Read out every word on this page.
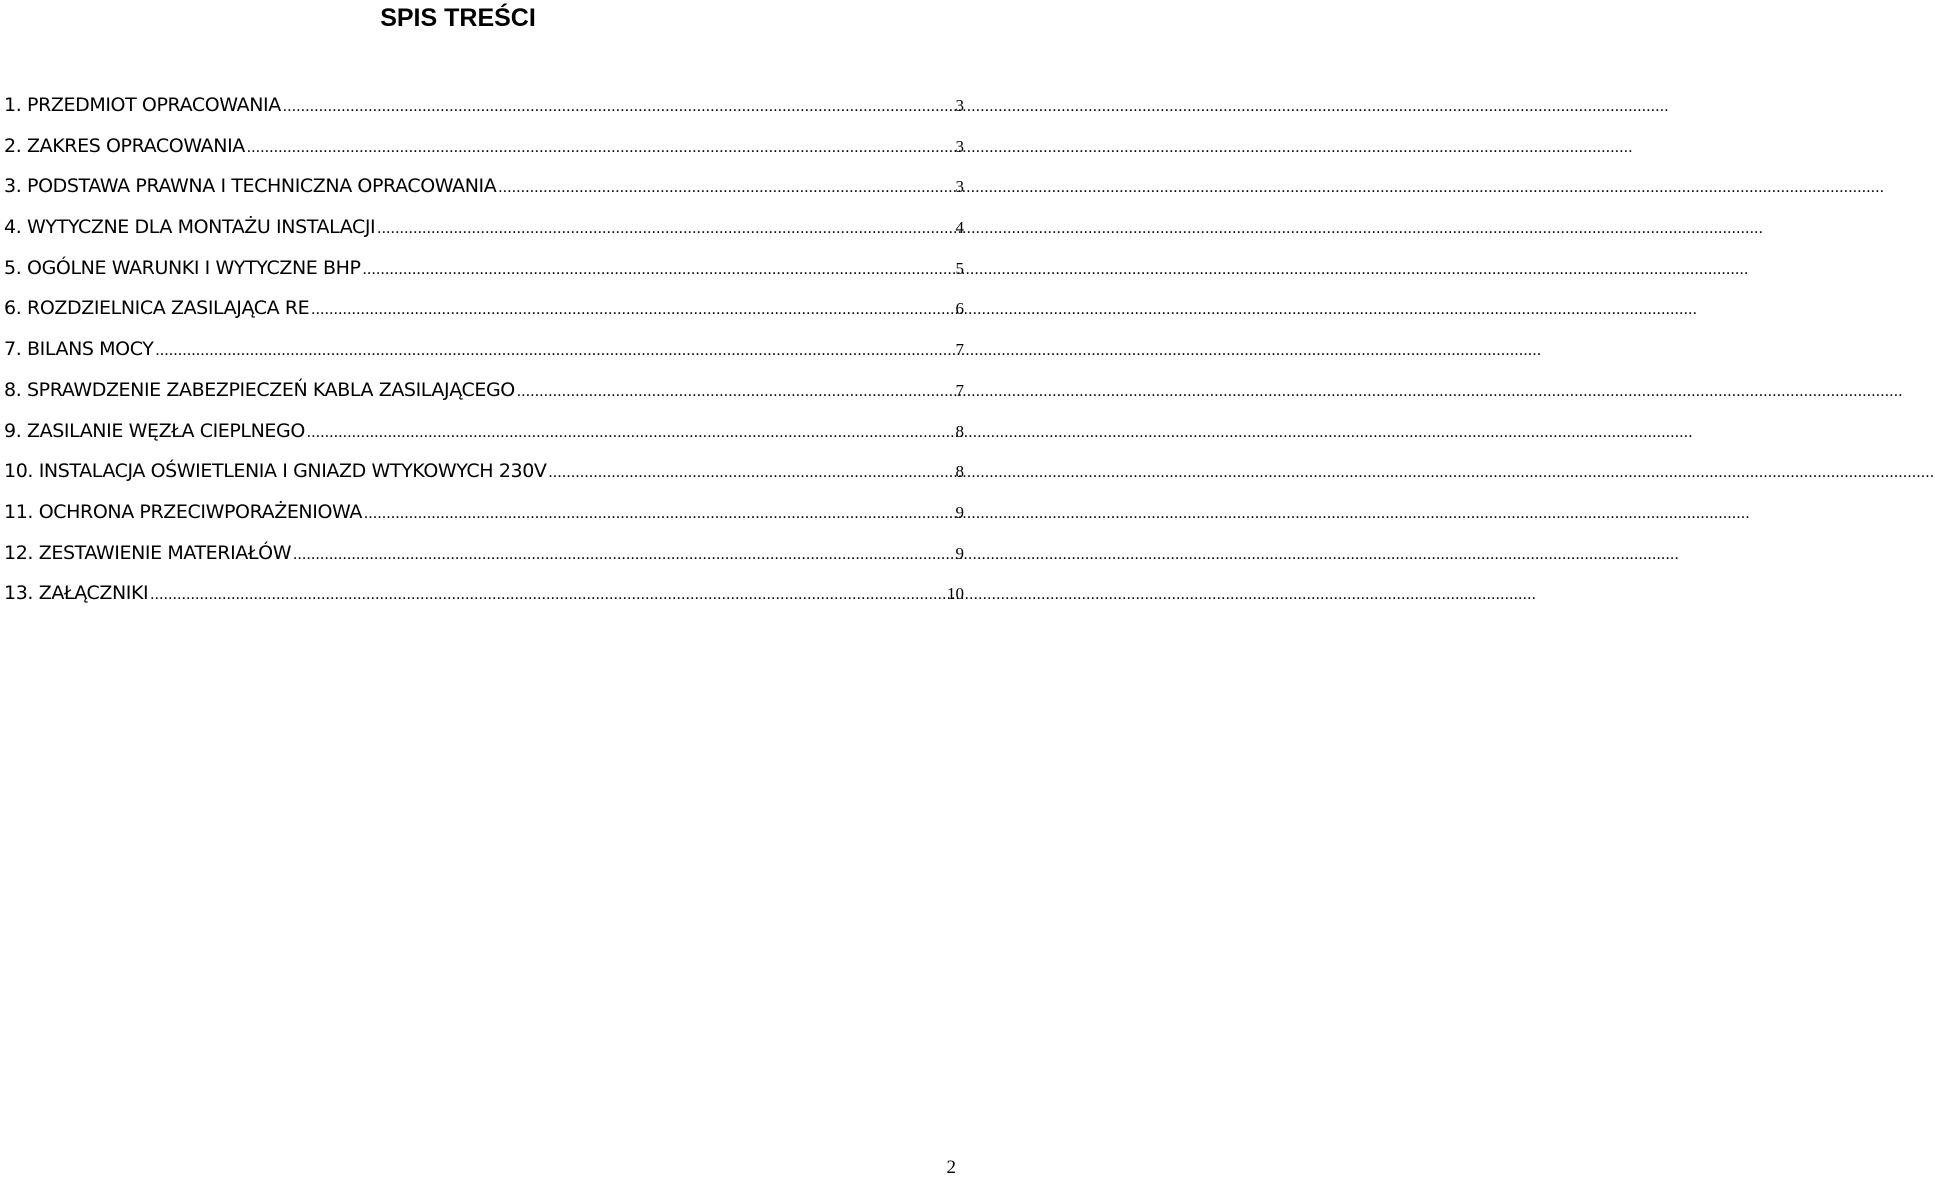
SPIS TREŚCI
1. PRZEDMIOT OPRACOWANIA .....	3
2. ZAKRES OPRACOWANIA .....	3
3. PODSTAWA PRAWNA I TECHNICZNA OPRACOWANIA .....	3
4. WYTYCZNE DLA MONTAŻU INSTALACJI .....	4
5. OGÓLNE WARUNKI I WYTYCZNE BHP .....	5
6. ROZDZIELNICA ZASILAJĄCA RE .....	6
7. BILANS MOCY .....	7
8. SPRAWDZENIE ZABEZPIECZEŃ KABLA ZASILAJĄCEGO .....	7
9. ZASILANIE WĘZŁA CIEPLNEGO .....	8
10. INSTALACJA OŚWIETLENIA I GNIAZD WTYKOWYCH 230V .....	8
11. OCHRONA PRZECIWPORAŻENIOWA .....	9
12. ZESTAWIENIE MATERIAŁÓW .....	9
13. ZAŁĄCZNIKI .....	10
2
